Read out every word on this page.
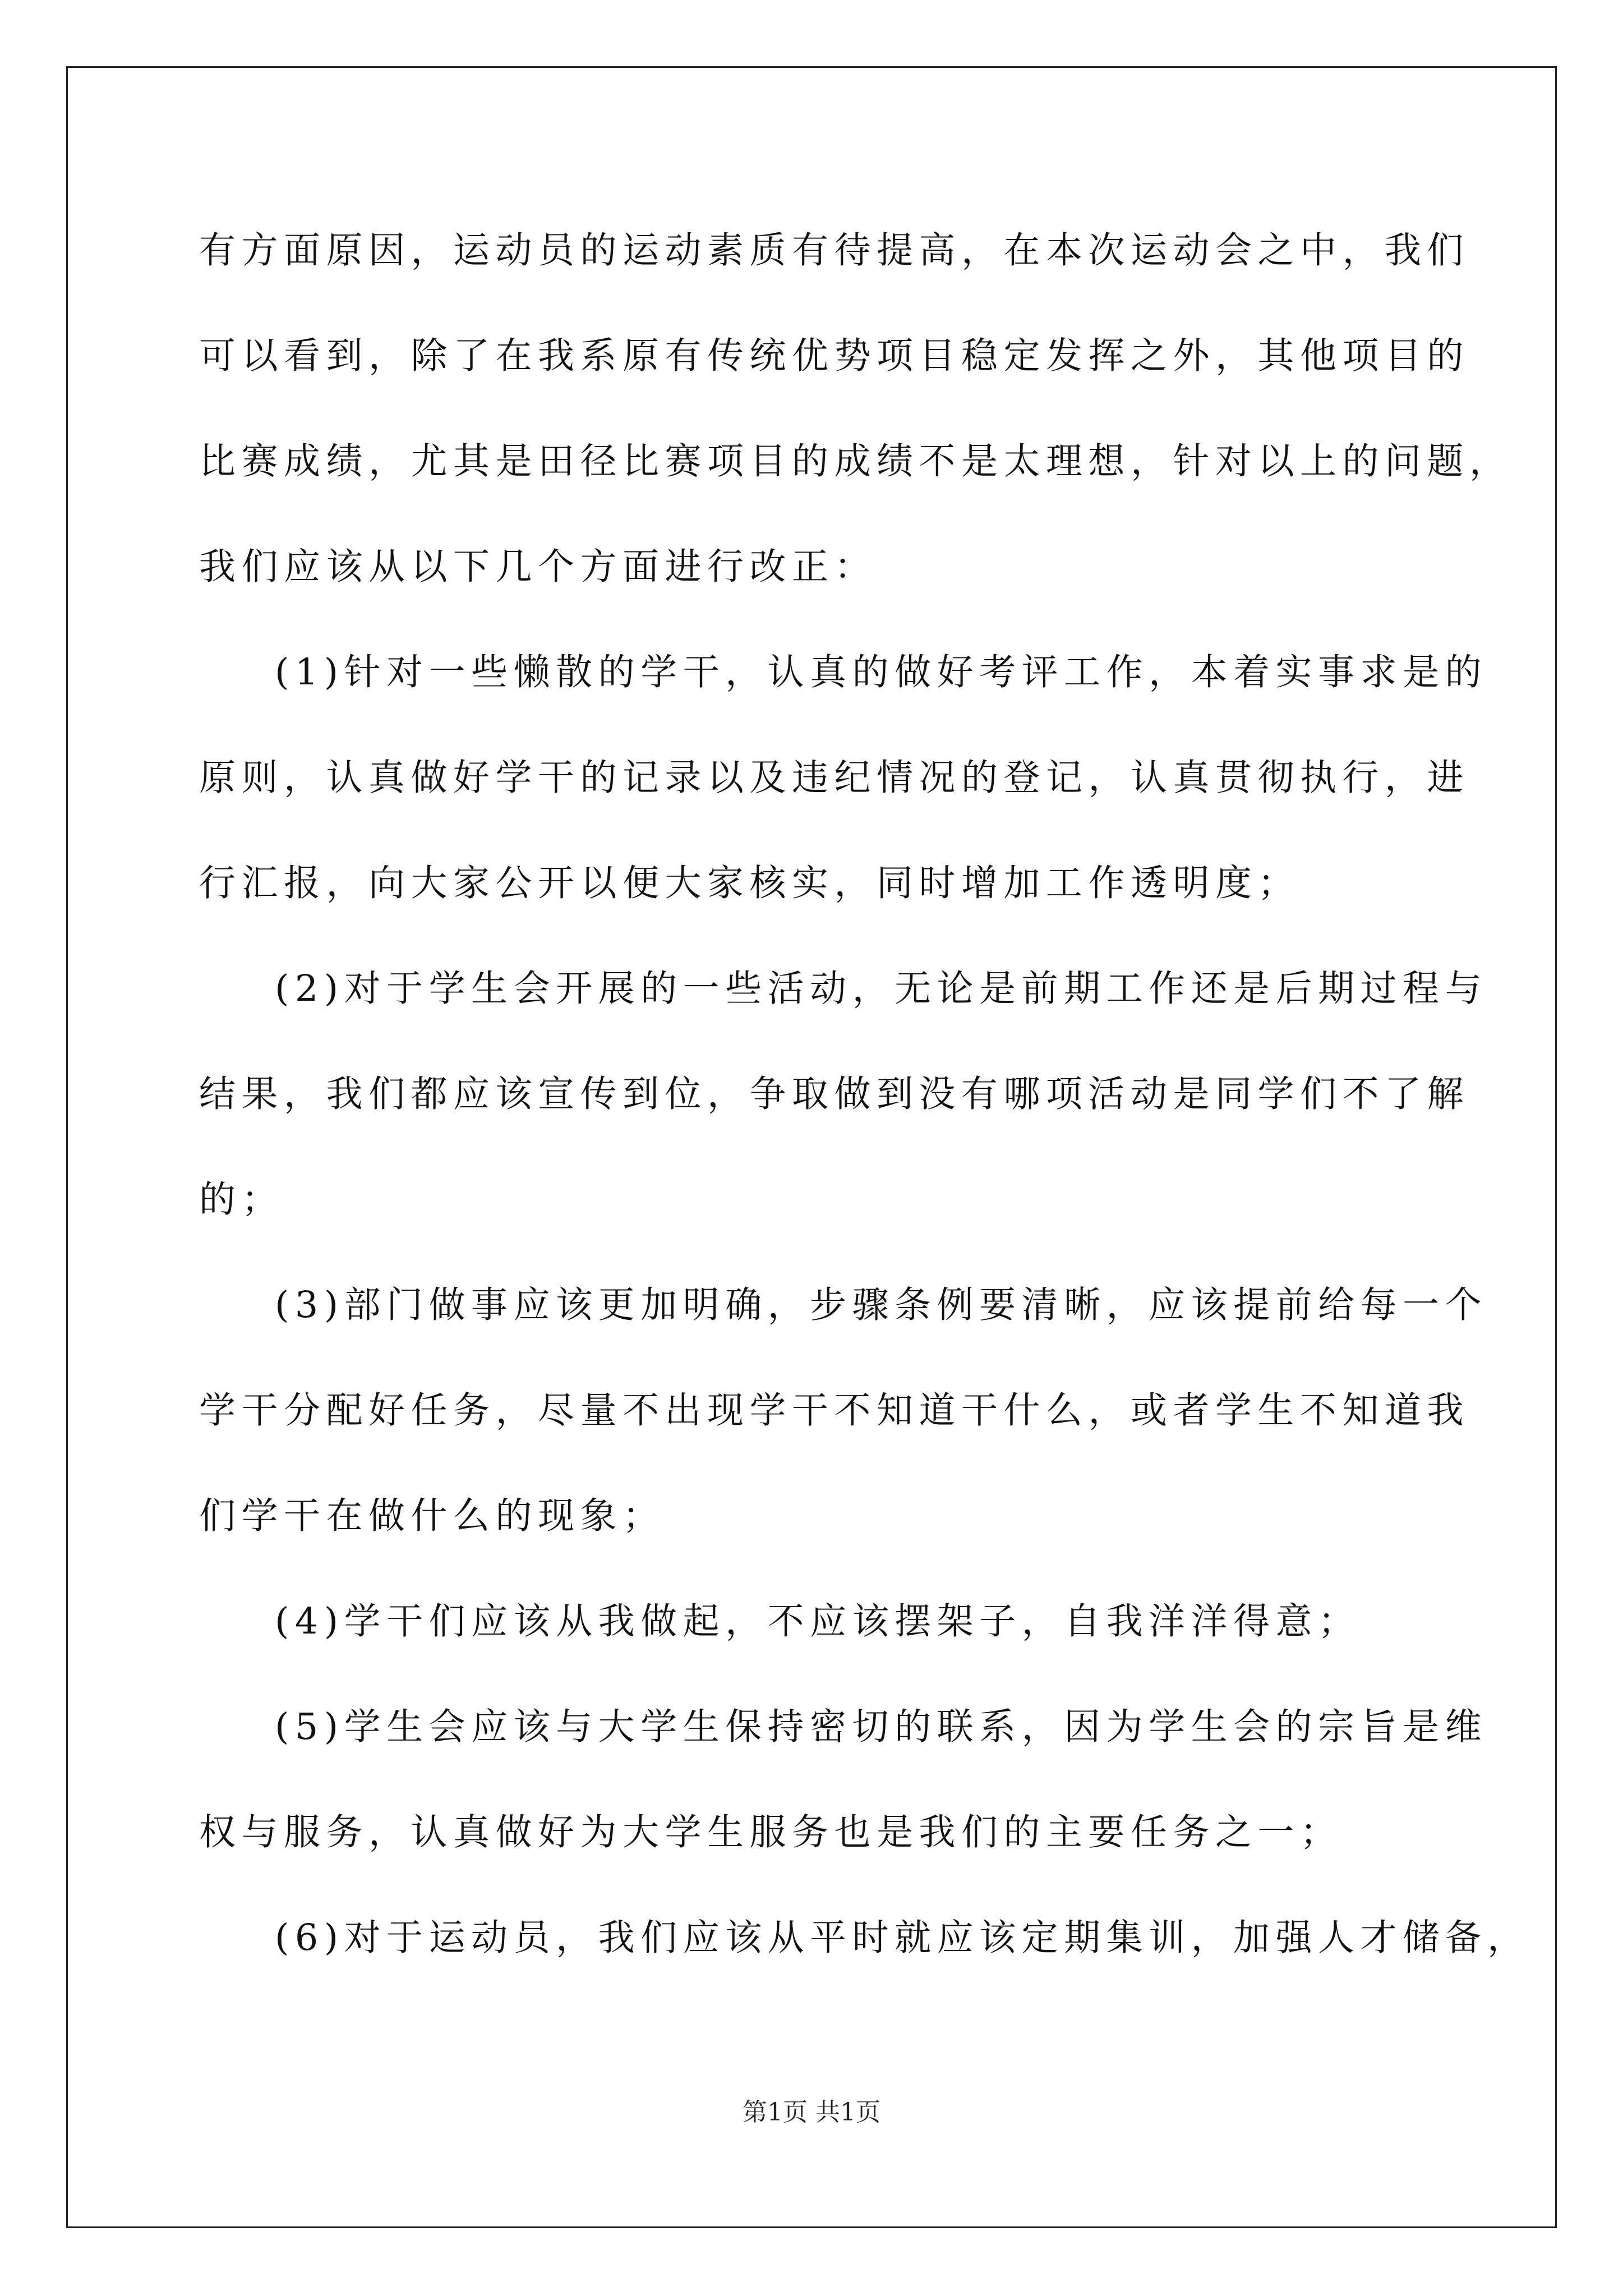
有方面原因，运动员的运动素质有待提高，在本次运动会之中，我们
可以看到，除了在我系原有传统优势项目稳定发挥之外，其他项目的
比赛成绩，尤其是田径比赛项目的成绩不是太理想，针对以上的问题，
我们应该从以下几个方面进行改正：
(1)针对一些懒散的学干，认真的做好考评工作，本着实事求是的
原则，认真做好学干的记录以及违纪情况的登记，认真贯彻执行，进
行汇报，向大家公开以便大家核实，同时增加工作透明度；
(2)对于学生会开展的一些活动，无论是前期工作还是后期过程与
结果，我们都应该宣传到位，争取做到没有哪项活动是同学们不了解
的；
(3)部门做事应该更加明确，步骤条例要清晰，应该提前给每一个
学干分配好任务，尽量不出现学干不知道干什么，或者学生不知道我
们学干在做什么的现象；
(4)学干们应该从我做起，不应该摆架子，自我洋洋得意；
(5)学生会应该与大学生保持密切的联系，因为学生会的宗旨是维
权与服务，认真做好为大学生服务也是我们的主要任务之一；
(6)对于运动员，我们应该从平时就应该定期集训，加强人才储备，
第1页 共1页
